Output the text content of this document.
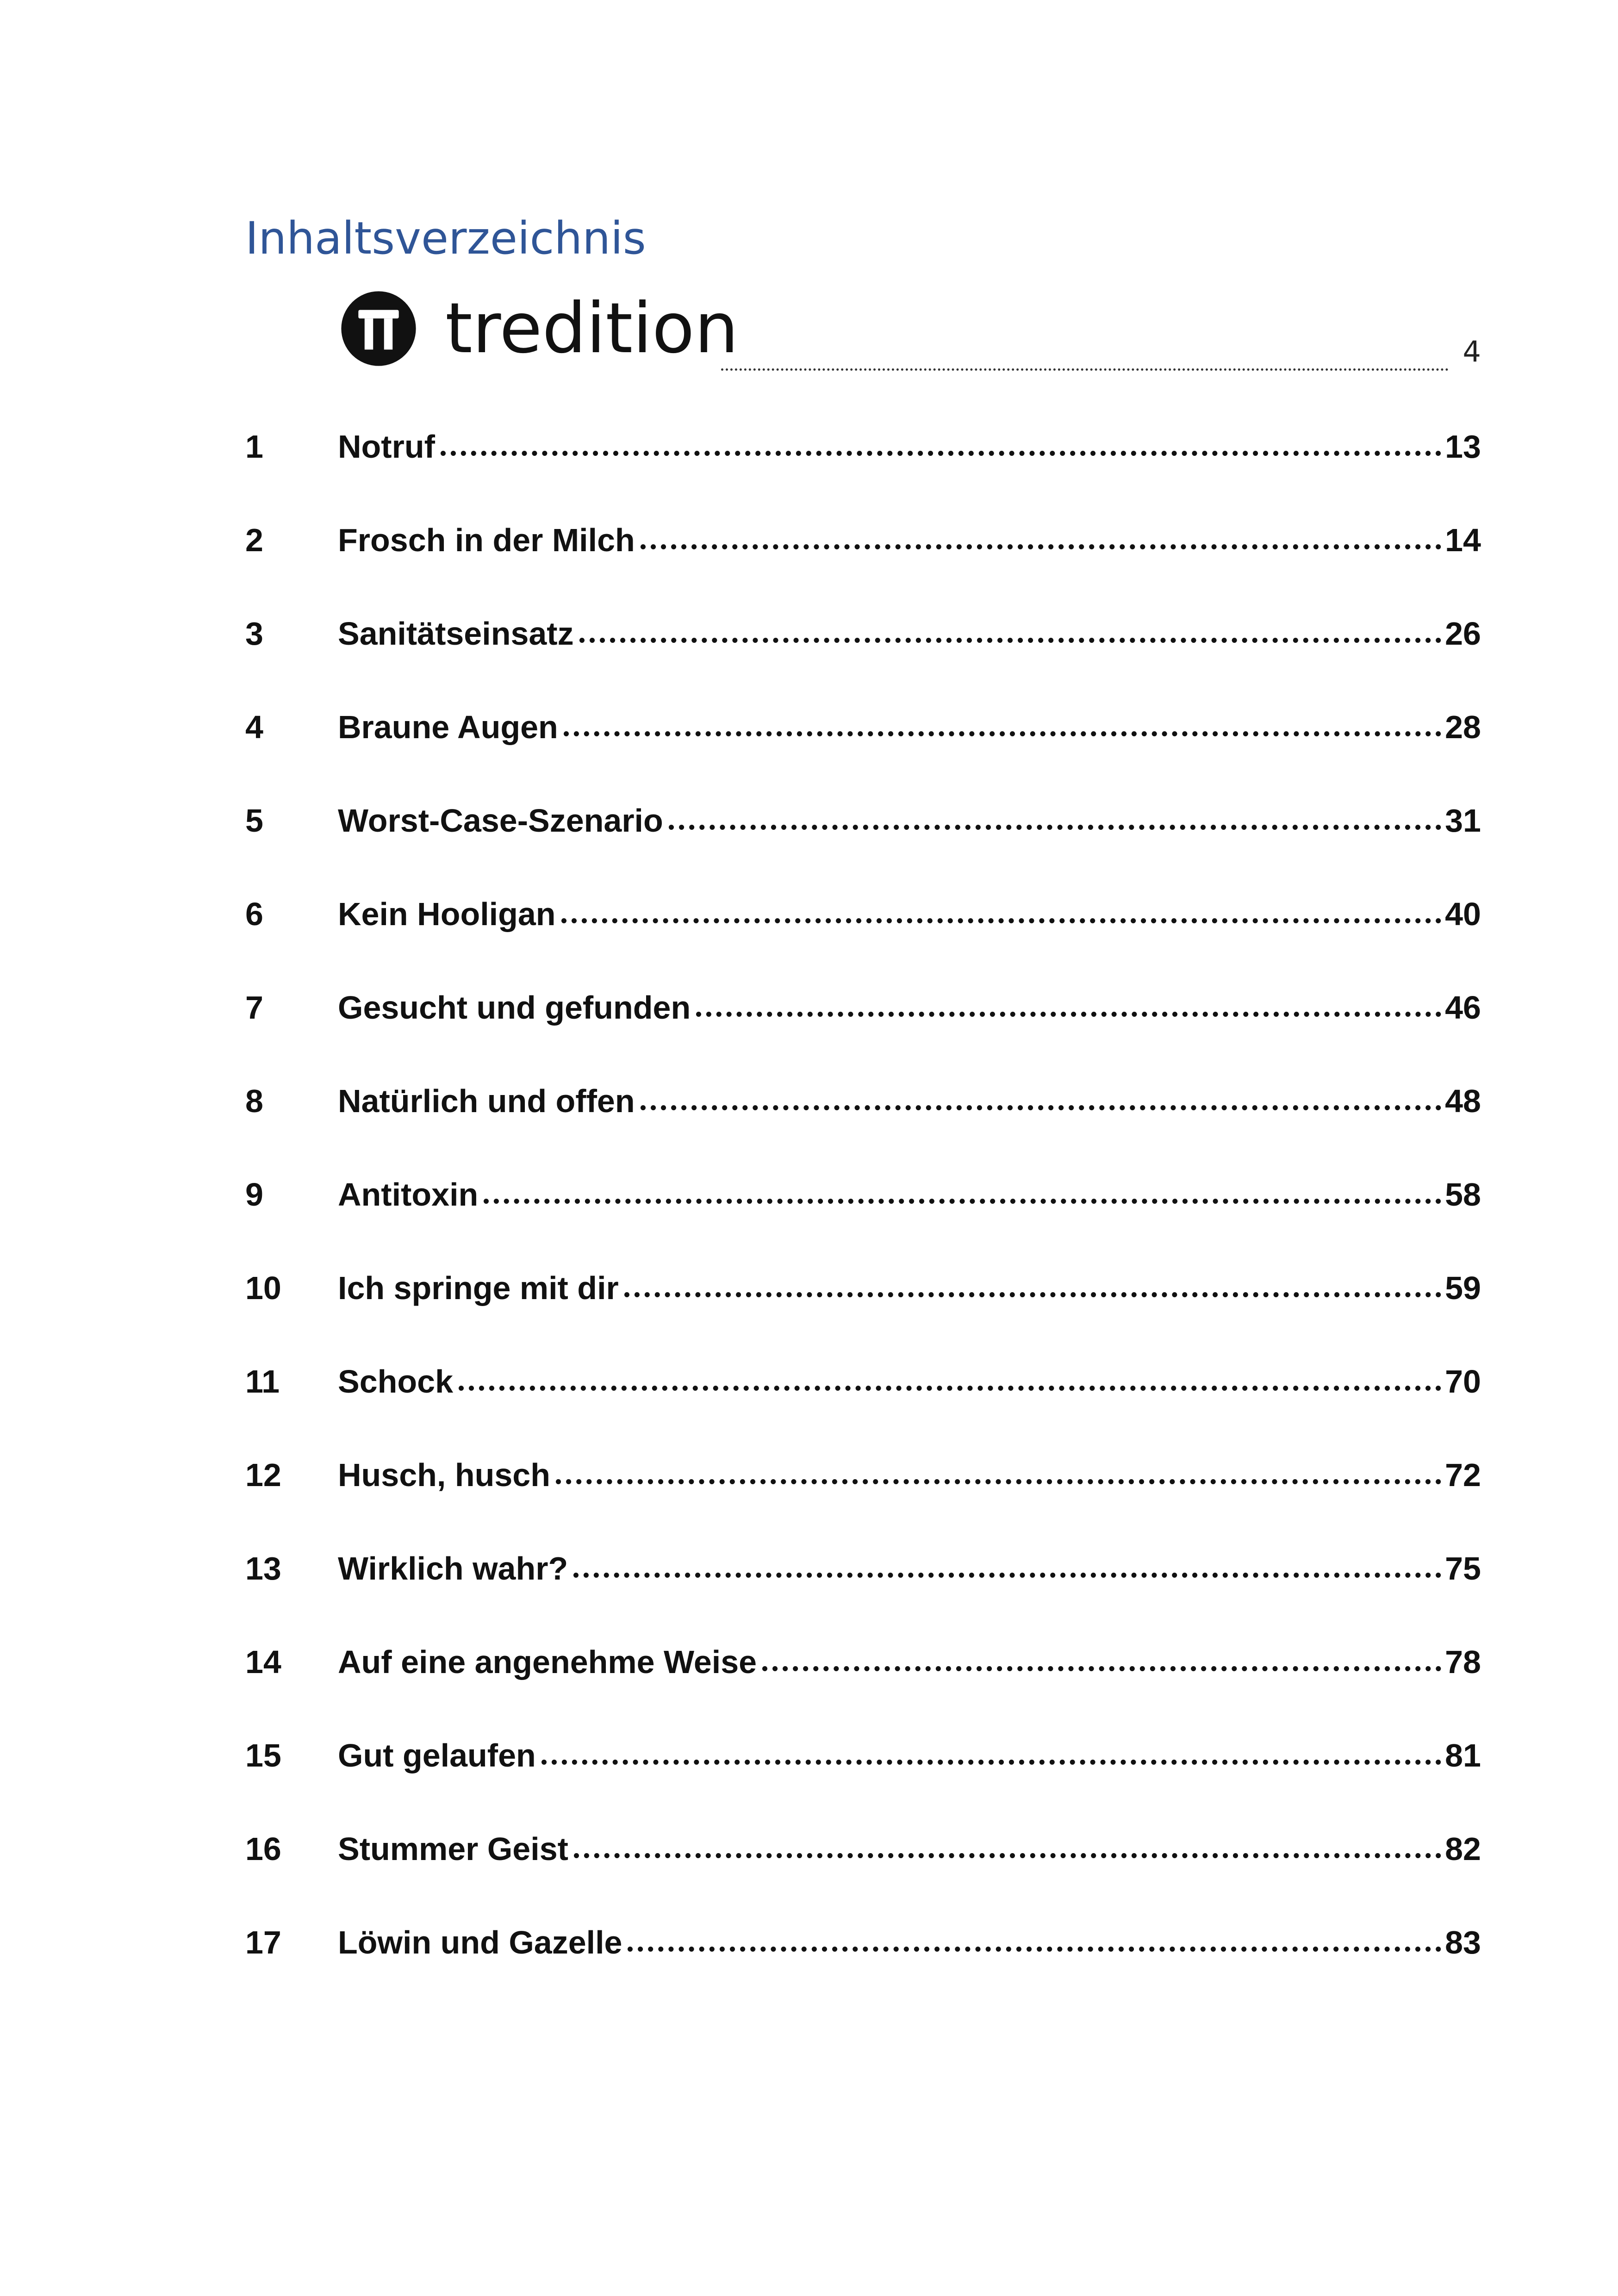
Inhaltsverzeichnis
tredition	4
1	Notruf	13
2	Frosch in der Milch	14
3	Sanitätseinsatz	26
4	Braune Augen	28
5	Worst-Case-Szenario	31
6	Kein Hooligan	40
7	Gesucht und gefunden	46
8	Natürlich und offen	48
9	Antitoxin	58
10	Ich springe mit dir	59
11	Schock	70
12	Husch, husch	72
13	Wirklich wahr?	75
14	Auf eine angenehme Weise	78
15	Gut gelaufen	81
16	Stummer Geist	82
17	Löwin und Gazelle	83
